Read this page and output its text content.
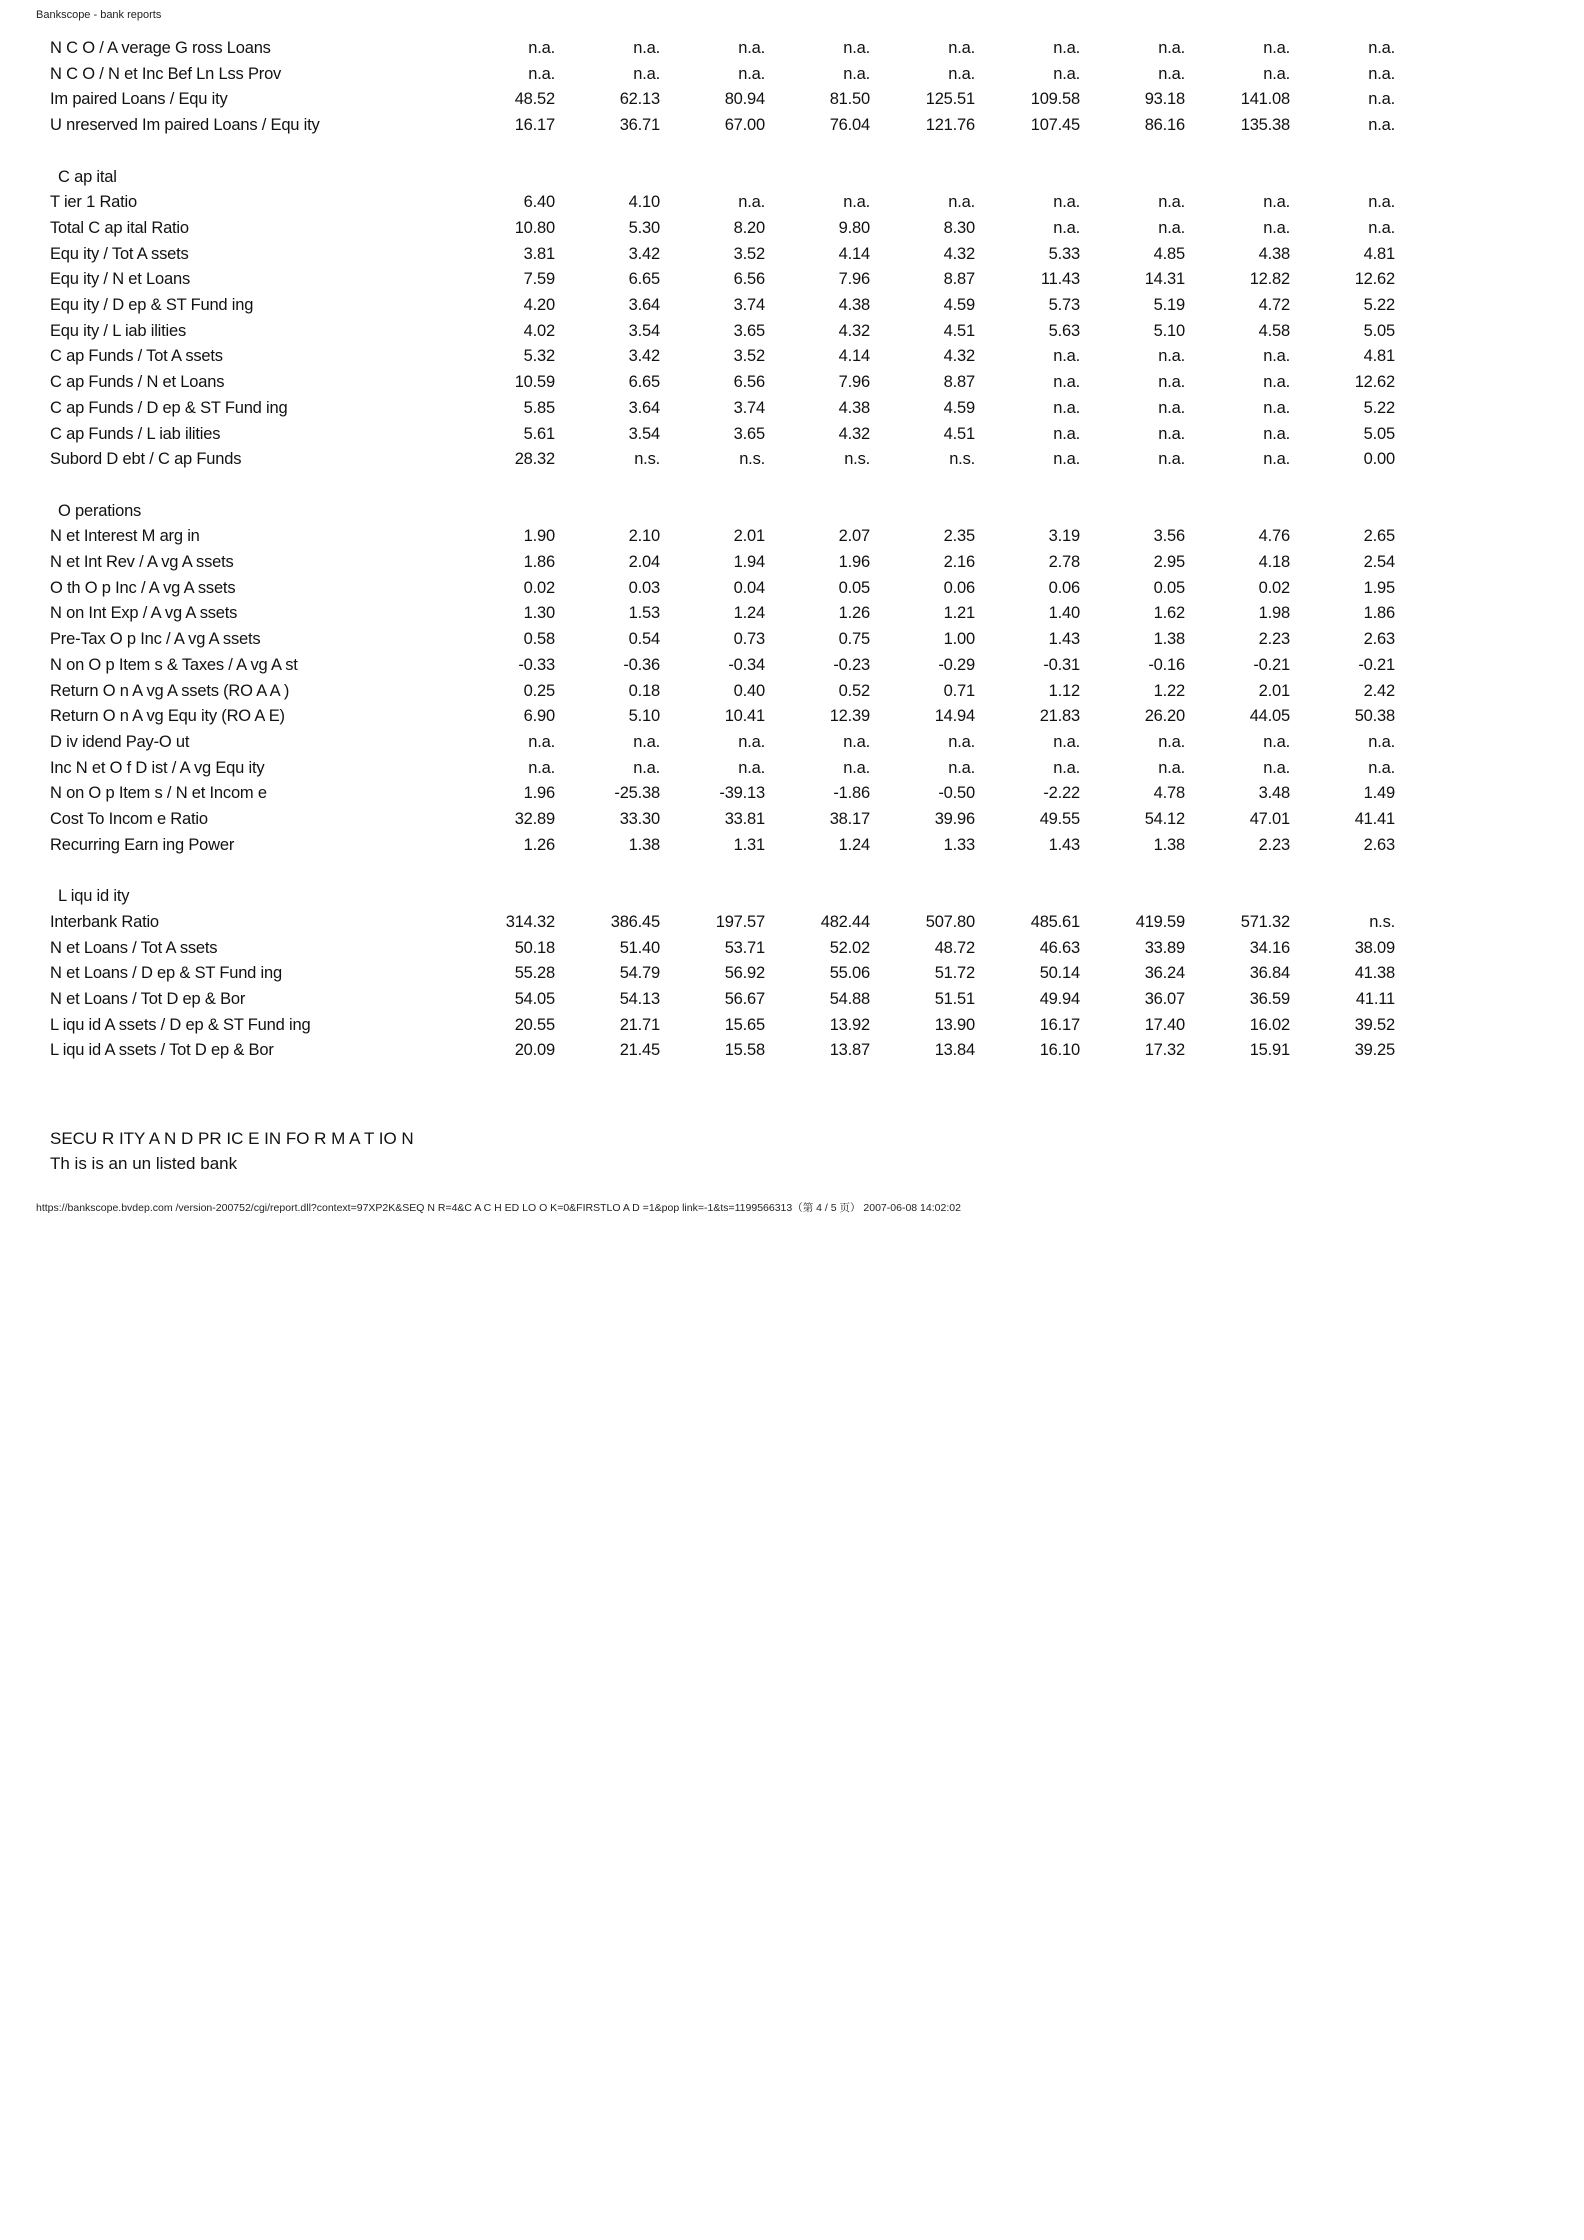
Bankscope - bank reports
N C O / A verage G ross Loans	n.a.	n.a.	n.a.	n.a.	n.a.	n.a.	n.a.	n.a.	n.a.
N C O / N et Inc Bef Ln Lss Prov	n.a.	n.a.	n.a.	n.a.	n.a.	n.a.	n.a.	n.a.	n.a.
Im paired Loans / Equ ity	48.52	62.13	80.94	81.50	125.51	109.58	93.18	141.08	n.a.
U nreserved Im paired Loans / Equ ity	16.17	36.71	67.00	76.04	121.76	107.45	86.16	135.38	n.a.

C ap ital									
T ier 1 Ratio	6.40	4.10	n.a.	n.a.	n.a.	n.a.	n.a.	n.a.	n.a.
Total C ap ital Ratio	10.80	5.30	8.20	9.80	8.30	n.a.	n.a.	n.a.	n.a.
Equ ity / Tot A ssets	3.81	3.42	3.52	4.14	4.32	5.33	4.85	4.38	4.81
Equ ity / N et Loans	7.59	6.65	6.56	7.96	8.87	11.43	14.31	12.82	12.62
Equ ity / D ep & ST Fund ing	4.20	3.64	3.74	4.38	4.59	5.73	5.19	4.72	5.22
Equ ity / L iab ilities	4.02	3.54	3.65	4.32	4.51	5.63	5.10	4.58	5.05
C ap Funds / Tot A ssets	5.32	3.42	3.52	4.14	4.32	n.a.	n.a.	n.a.	4.81
C ap Funds / N et Loans	10.59	6.65	6.56	7.96	8.87	n.a.	n.a.	n.a.	12.62
C ap Funds / D ep & ST Fund ing	5.85	3.64	3.74	4.38	4.59	n.a.	n.a.	n.a.	5.22
C ap Funds / L iab ilities	5.61	3.54	3.65	4.32	4.51	n.a.	n.a.	n.a.	5.05
Subord D ebt / C ap Funds	28.32	n.s.	n.s.	n.s.	n.s.	n.a.	n.a.	n.a.	0.00

O perations									
N et Interest M arg in	1.90	2.10	2.01	2.07	2.35	3.19	3.56	4.76	2.65
N et Int Rev / A vg A ssets	1.86	2.04	1.94	1.96	2.16	2.78	2.95	4.18	2.54
O th O p Inc / A vg A ssets	0.02	0.03	0.04	0.05	0.06	0.06	0.05	0.02	1.95
N on Int Exp / A vg A ssets	1.30	1.53	1.24	1.26	1.21	1.40	1.62	1.98	1.86
Pre-Tax O p Inc / A vg A ssets	0.58	0.54	0.73	0.75	1.00	1.43	1.38	2.23	2.63
N on O p Item s & Taxes / A vg A st	-0.33	-0.36	-0.34	-0.23	-0.29	-0.31	-0.16	-0.21	-0.21
Return O n A vg A ssets (RO A A )	0.25	0.18	0.40	0.52	0.71	1.12	1.22	2.01	2.42
Return O n A vg Equ ity (RO A E)	6.90	5.10	10.41	12.39	14.94	21.83	26.20	44.05	50.38
D iv idend Pay-O ut	n.a.	n.a.	n.a.	n.a.	n.a.	n.a.	n.a.	n.a.	n.a.
Inc N et O f D ist / A vg Equ ity	n.a.	n.a.	n.a.	n.a.	n.a.	n.a.	n.a.	n.a.	n.a.
N on O p Item s / N et Incom e	1.96	-25.38	-39.13	-1.86	-0.50	-2.22	4.78	3.48	1.49
Cost To Incom e Ratio	32.89	33.30	33.81	38.17	39.96	49.55	54.12	47.01	41.41
Recurring Earn ing Power	1.26	1.38	1.31	1.24	1.33	1.43	1.38	2.23	2.63

L iqu id ity									
Interbank Ratio	314.32	386.45	197.57	482.44	507.80	485.61	419.59	571.32	n.s.
N et Loans / Tot A ssets	50.18	51.40	53.71	52.02	48.72	46.63	33.89	34.16	38.09
N et Loans / D ep & ST Fund ing	55.28	54.79	56.92	55.06	51.72	50.14	36.24	36.84	41.38
N et Loans / Tot D ep & Bor	54.05	54.13	56.67	54.88	51.51	49.94	36.07	36.59	41.11
L iqu id A ssets / D ep & ST Fund ing	20.55	21.71	15.65	13.92	13.90	16.17	17.40	16.02	39.52
L iqu id A ssets / Tot D ep & Bor	20.09	21.45	15.58	13.87	13.84	16.10	17.32	15.91	39.25
SECU R ITY A N D PR IC E IN FO R M A T IO N
Th is is an un listed bank
https://bankscope.bvdep.com /version-200752/cgi/report.dll?context=97XP2K&SEQ N R=4&C A C H ED LO O K=0&FIRSTLO A D =1&pop link=-1&ts=1199566313（第 4 / 5 页） 2007-06-08 14:02:02
